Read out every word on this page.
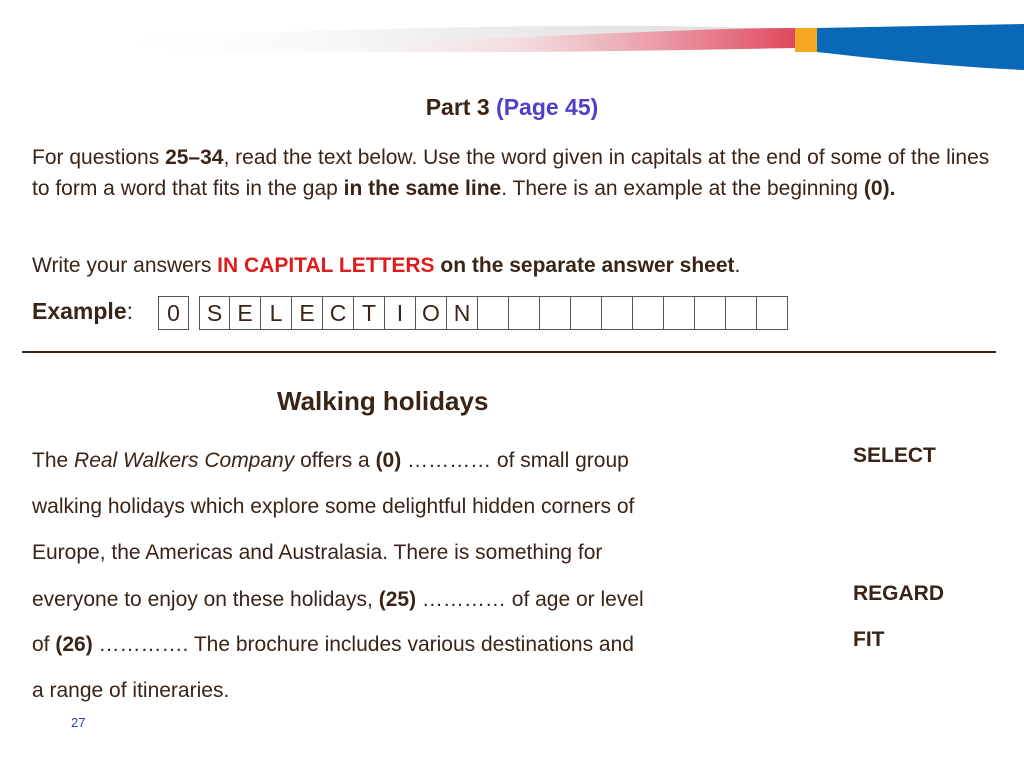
Part 3 (Page 45)
For questions 25–34, read the text below. Use the word given in capitals at the end of some of the lines to form a word that fits in the gap in the same line. There is an example at the beginning (0).
Write your answers IN CAPITAL LETTERS on the separate answer sheet.
Example:	0	S E L E C T I O N
Walking holidays
The Real Walkers Company offers a (0) ………… of small group
walking holidays which explore some delightful hidden corners of
Europe, the Americas and Australasia. There is something for
everyone to enjoy on these holidays, (25) ………… of age or level
of (26) …………. The brochure includes various destinations and
a range of itineraries.
SELECT
REGARD
FIT
27
